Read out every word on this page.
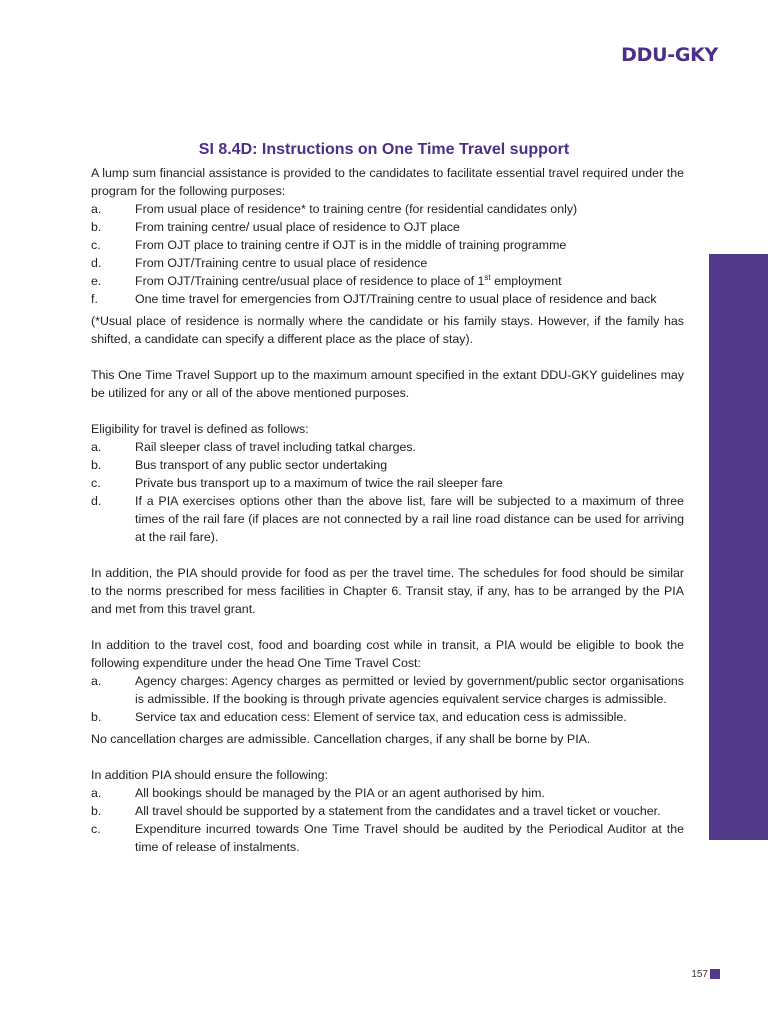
DDU-GKY
SI 8.4D: Instructions on One Time Travel support

A lump sum financial assistance is provided to the candidates to facilitate essential travel required under the program for the following purposes:

a.	From usual place of residence* to training centre (for residential candidates only)
b.	From training centre/ usual place of residence to OJT place
c.	From OJT place to training centre if OJT is in the middle of training programme
d.	From OJT/Training centre to usual place of residence
e.	From OJT/Training centre/usual place of residence to place of 1st employment
f.	One time travel for emergencies from OJT/Training centre to usual place of residence and back

(*Usual place of residence is normally where the candidate or his family stays. However, if the family has shifted, a candidate can specify a different place as the place of stay).

This One Time Travel Support up to the maximum amount specified in the extant DDU-GKY guidelines may be utilized for any or all of the above mentioned purposes.

Eligibility for travel is defined as follows:

a.	Rail sleeper class of travel including tatkal charges.
b.	Bus transport of any public sector undertaking
c.	Private bus transport up to a maximum of twice the rail sleeper fare
d.	If a PIA exercises options other than the above list, fare will be subjected to a maximum of three times of the rail fare (if places are not connected by a rail line road distance can be used for arriving at the rail fare).

In addition, the PIA should provide for food as per the travel time. The schedules for food should be similar to the norms prescribed for mess facilities in Chapter 6. Transit stay, if any, has to be arranged by the PIA and met from this travel grant.

In addition to the travel cost, food and boarding cost while in transit, a PIA would be eligible to book the following expenditure under the head One Time Travel Cost:

a.	Agency charges: Agency charges as permitted or levied by government/public sector organisations is admissible. If the booking is through private agencies equivalent service charges is admissible.
b.	Service tax and education cess: Element of service tax, and education cess is admissible.

No cancellation charges are admissible. Cancellation charges, if any shall be borne by PIA.

In addition PIA should ensure the following:

a.	All bookings should be managed by the PIA or an agent authorised by him.
b.	All travel should be supported by a statement from the candidates and a travel ticket or voucher.
c.	Expenditure incurred towards One Time Travel should be audited by the Periodical Auditor at the time of release of instalments.
157
